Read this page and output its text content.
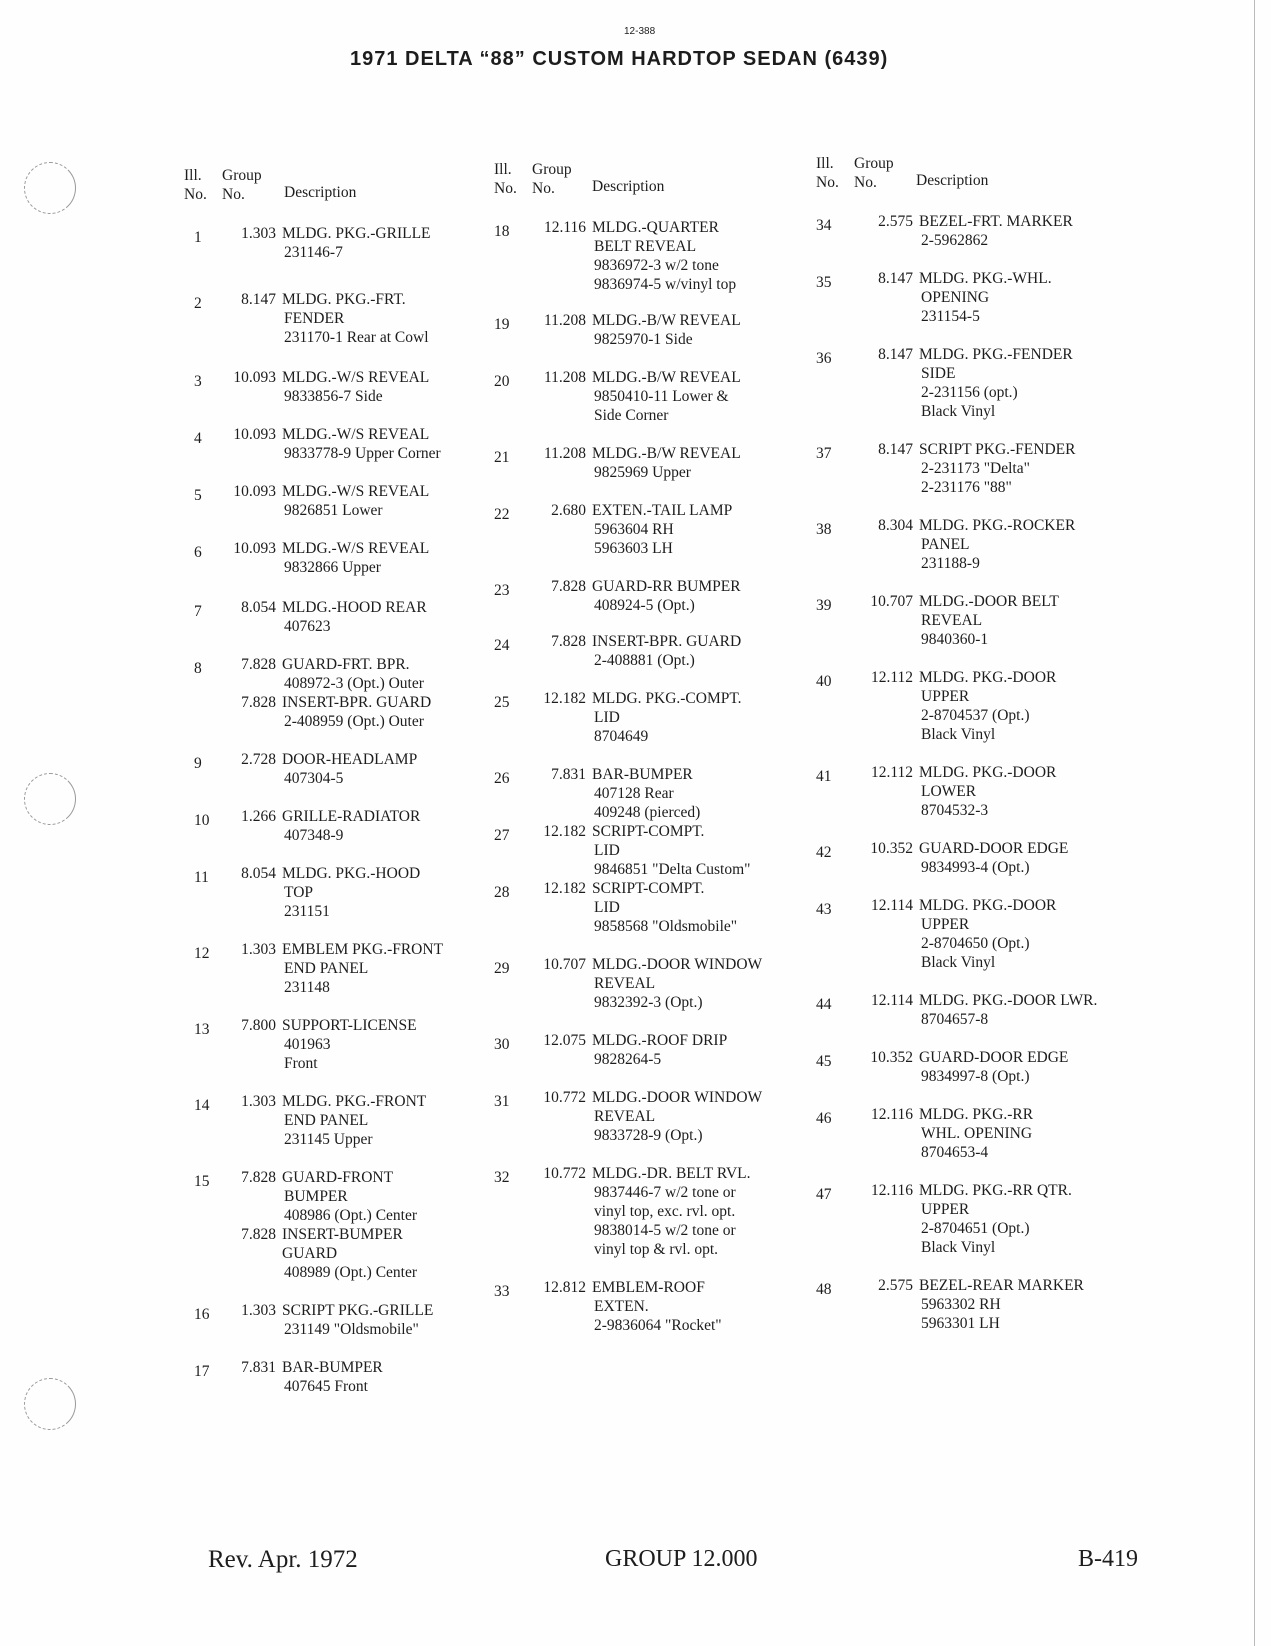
12-388
1971 DELTA “88” CUSTOM HARDTOP SEDAN (6439)
Ill.
No.
Group
No.	Description
1	1.303 MLDG. PKG.-GRILLE
231146-7
2	8.147 MLDG. PKG.-FRT.
FENDER
231170-1 Rear at Cowl
3 10.093 MLDG.-W/S REVEAL
9833856-7 Side
4 10.093 MLDG.-W/S REVEAL
9833778-9 Upper Corner
5 10.093 MLDG.-W/S REVEAL
9826851 Lower
6 10.093 MLDG.-W/S REVEAL
9832866 Upper
7	8.054 MLDG.-HOOD REAR
407623
8	7.828 GUARD-FRT. BPR.
408972-3 (Opt.) Outer
7.828 INSERT-BPR. GUARD
2-408959 (Opt.) Outer
9	2.728 DOOR-HEADLAMP
407304-5
10 1.266 GRILLE-RADIATOR
407348-9
11 8.054 MLDG. PKG.-HOOD
TOP
231151
12 1.303 EMBLEM PKG.-FRONT
END PANEL
231148
13 7.800 SUPPORT-LICENSE
401963
Front
14 1.303 MLDG. PKG.-FRONT
END PANEL
231145 Upper
15 7.828 GUARD-FRONT
BUMPER
408986 (Opt.) Center
7.828 INSERT-BUMPER
GUARD
408989 (Opt.) Center
16 1.303 SCRIPT PKG.-GRILLE
231149 "Oldsmobile"
17 7.831 BAR-BUMPER
407645 Front
Ill.
No.
Group
No. Description
18 12.116 MLDG.-QUARTER
BELT REVEAL
9836972-3 w/2 tone
9836974-5 w/vinyl top
19 11.208 MLDG.-B/W REVEAL
9825970-1 Side
20 11.208 MLDG.-B/W REVEAL
9850410-11 Lower &
Side Corner
21 11.208 MLDG.-B/W REVEAL
9825969 Upper
22	2.680 EXTEN.-TAIL LAMP
5963604 RH
5963603 LH
23	7.828 GUARD-RR BUMPER
408924-5 (Opt.)
24	7.828 INSERT-BPR. GUARD
2-408881 (Opt.)
25 12.182 MLDG. PKG.-COMPT.
LID
8704649
26	7.831 BAR-BUMPER
407128 Rear
409248 (pierced)
27 12.182 SCRIPT-COMPT.
LID
9846851 "Delta Custom"
28 12.182 SCRIPT-COMPT.
LID
9858568 "Oldsmobile"
29 10.707 MLDG.-DOOR WINDOW
REVEAL
9832392-3 (Opt.)
30 12.075 MLDG.-ROOF DRIP
9828264-5
31 10.772 MLDG.-DOOR WINDOW
REVEAL
9833728-9 (Opt.)
32 10.772 MLDG.-DR. BELT RVL.
9837446-7 w/2 tone or
vinyl top, exc. rvl. opt.
9838014-5 w/2 tone or
vinyl top & rvl. opt.
33 12.812 EMBLEM-ROOF
EXTEN.
2-9836064 "Rocket"
Ill.
No.
Group
No.	Description
34	2.575 BEZEL-FRT. MARKER
2-5962862
35	8.147 MLDG. PKG.-WHL.
OPENING
231154-5
36	8.147 MLDG. PKG.-FENDER
SIDE
2-231156 (opt.)
Black Vinyl
37	8.147 SCRIPT PKG.-FENDER
2-231173 "Delta"
2-231176 "88"
38	8.304 MLDG. PKG.-ROCKER
PANEL
231188-9
39	10.707 MLDG.-DOOR BELT
REVEAL
9840360-1
40	12.112 MLDG. PKG.-DOOR
UPPER
2-8704537 (Opt.)
Black Vinyl
41	12.112 MLDG. PKG.-DOOR
LOWER
8704532-3
42	10.352 GUARD-DOOR EDGE
9834993-4 (Opt.)
43	12.114 MLDG. PKG.-DOOR
UPPER
2-8704650 (Opt.)
Black Vinyl
44	12.114 MLDG. PKG.-DOOR LWR.
8704657-8
45	10.352 GUARD-DOOR EDGE
9834997-8 (Opt.)
46	12.116 MLDG. PKG.-RR
WHL. OPENING
8704653-4
47	12.116 MLDG. PKG.-RR QTR.
UPPER
2-8704651 (Opt.)
Black Vinyl
48	2.575 BEZEL-REAR MARKER
5963302 RH
5963301 LH
Rev. Apr. 1972	GROUP 12.000	B-419
